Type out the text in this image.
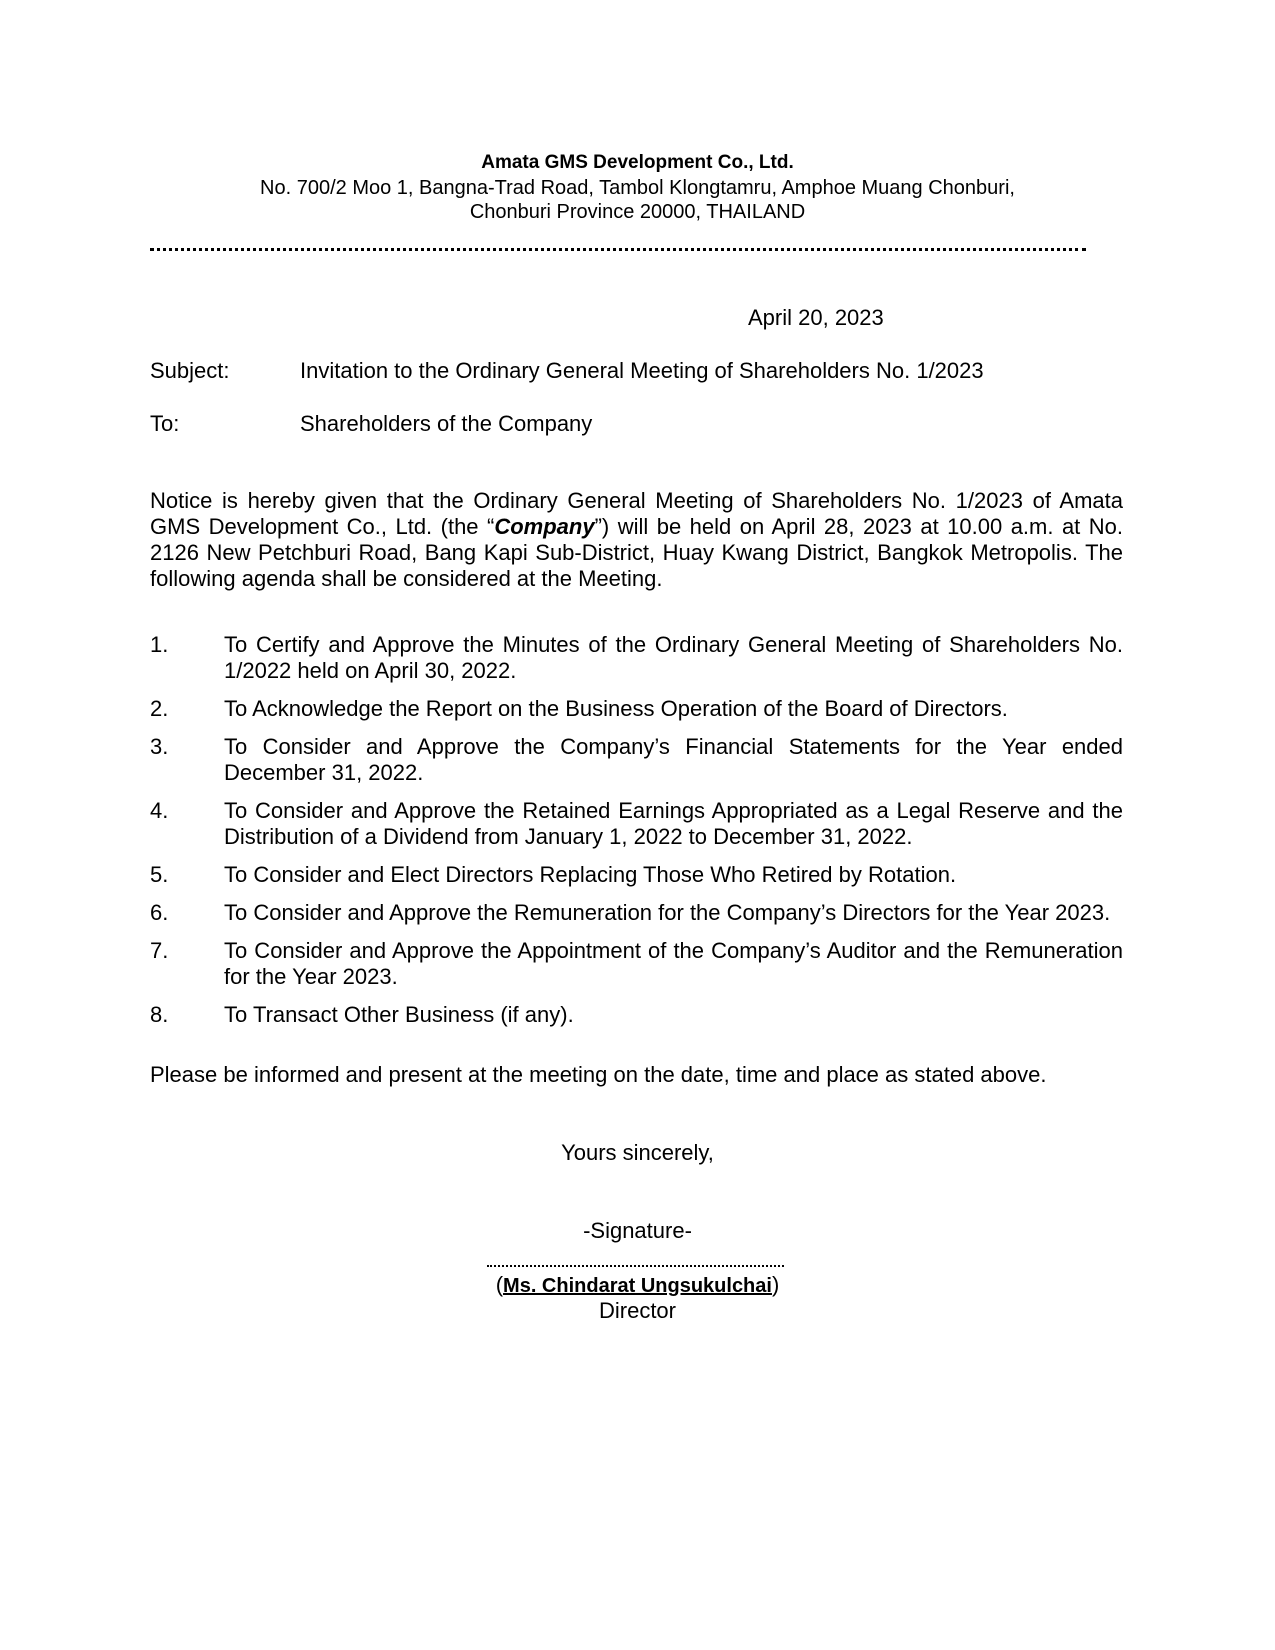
Amata GMS Development Co., Ltd.
No. 700/2 Moo 1, Bangna-Trad Road, Tambol Klongtamru, Amphoe Muang Chonburi,
Chonburi Province 20000, THAILAND
April 20, 2023
Subject:	Invitation to the Ordinary General Meeting of Shareholders No. 1/2023
To:	Shareholders of the Company
Notice is hereby given that the Ordinary General Meeting of Shareholders No. 1/2023 of Amata GMS Development Co., Ltd. (the “Company”) will be held on April 28, 2023 at 10.00 a.m. at No. 2126 New Petchburi Road, Bang Kapi Sub-District, Huay Kwang District, Bangkok Metropolis. The following agenda shall be considered at the Meeting.
1.	To Certify and Approve the Minutes of the Ordinary General Meeting of Shareholders No. 1/2022 held on April 30, 2022.
2.	To Acknowledge the Report on the Business Operation of the Board of Directors.
3.	To Consider and Approve the Company’s Financial Statements for the Year ended December 31, 2022.
4.	To Consider and Approve the Retained Earnings Appropriated as a Legal Reserve and the Distribution of a Dividend from January 1, 2022 to December 31, 2022.
5.	To Consider and Elect Directors Replacing Those Who Retired by Rotation.
6.	To Consider and Approve the Remuneration for the Company’s Directors for the Year 2023.
7.	To Consider and Approve the Appointment of the Company’s Auditor and the Remuneration for the Year 2023.
8.	To Transact Other Business (if any).
Please be informed and present at the meeting on the date, time and place as stated above.
Yours sincerely,
-Signature-
(Ms. Chindarat Ungsukulchai)
Director
